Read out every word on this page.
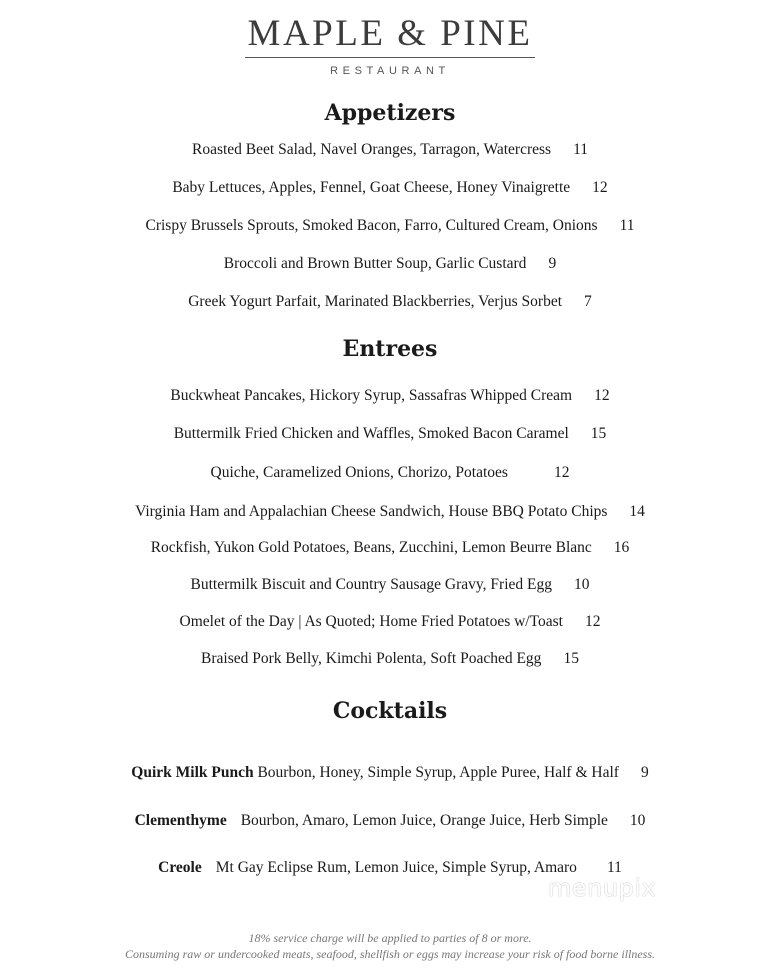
MAPLE & PINE
RESTAURANT
Appetizers
Roasted Beet Salad, Navel Oranges, Tarragon, Watercress 11
Baby Lettuces, Apples, Fennel, Goat Cheese, Honey Vinaigrette 12
Crispy Brussels Sprouts, Smoked Bacon, Farro, Cultured Cream, Onions 11
Broccoli and Brown Butter Soup, Garlic Custard 9
Greek Yogurt Parfait, Marinated Blackberries, Verjus Sorbet 7
Entrees
Buckwheat Pancakes, Hickory Syrup, Sassafras Whipped Cream 12
Buttermilk Fried Chicken and Waffles, Smoked Bacon Caramel 15
Quiche, Caramelized Onions, Chorizo, Potatoes	12
Virginia Ham and Appalachian Cheese Sandwich, House BBQ Potato Chips 14
Rockfish, Yukon Gold Potatoes, Beans, Zucchini, Lemon Beurre Blanc 16
Buttermilk Biscuit and Country Sausage Gravy, Fried Egg 10
Omelet of the Day | As Quoted; Home Fried Potatoes w/Toast 12
Braised Pork Belly, Kimchi Polenta, Soft Poached Egg 15
Cocktails
Quirk Milk Punch Bourbon, Honey, Simple Syrup, Apple Puree, Half & Half 9
Clementhyme Bourbon, Amaro, Lemon Juice, Orange Juice, Herb Simple 10
Creole Mt Gay Eclipse Rum, Lemon Juice, Simple Syrup, Amaro 11
menupix
18% service charge will be applied to parties of 8 or more.
Consuming raw or undercooked meats, seafood, shellfish or eggs may increase your risk of food borne illness.
